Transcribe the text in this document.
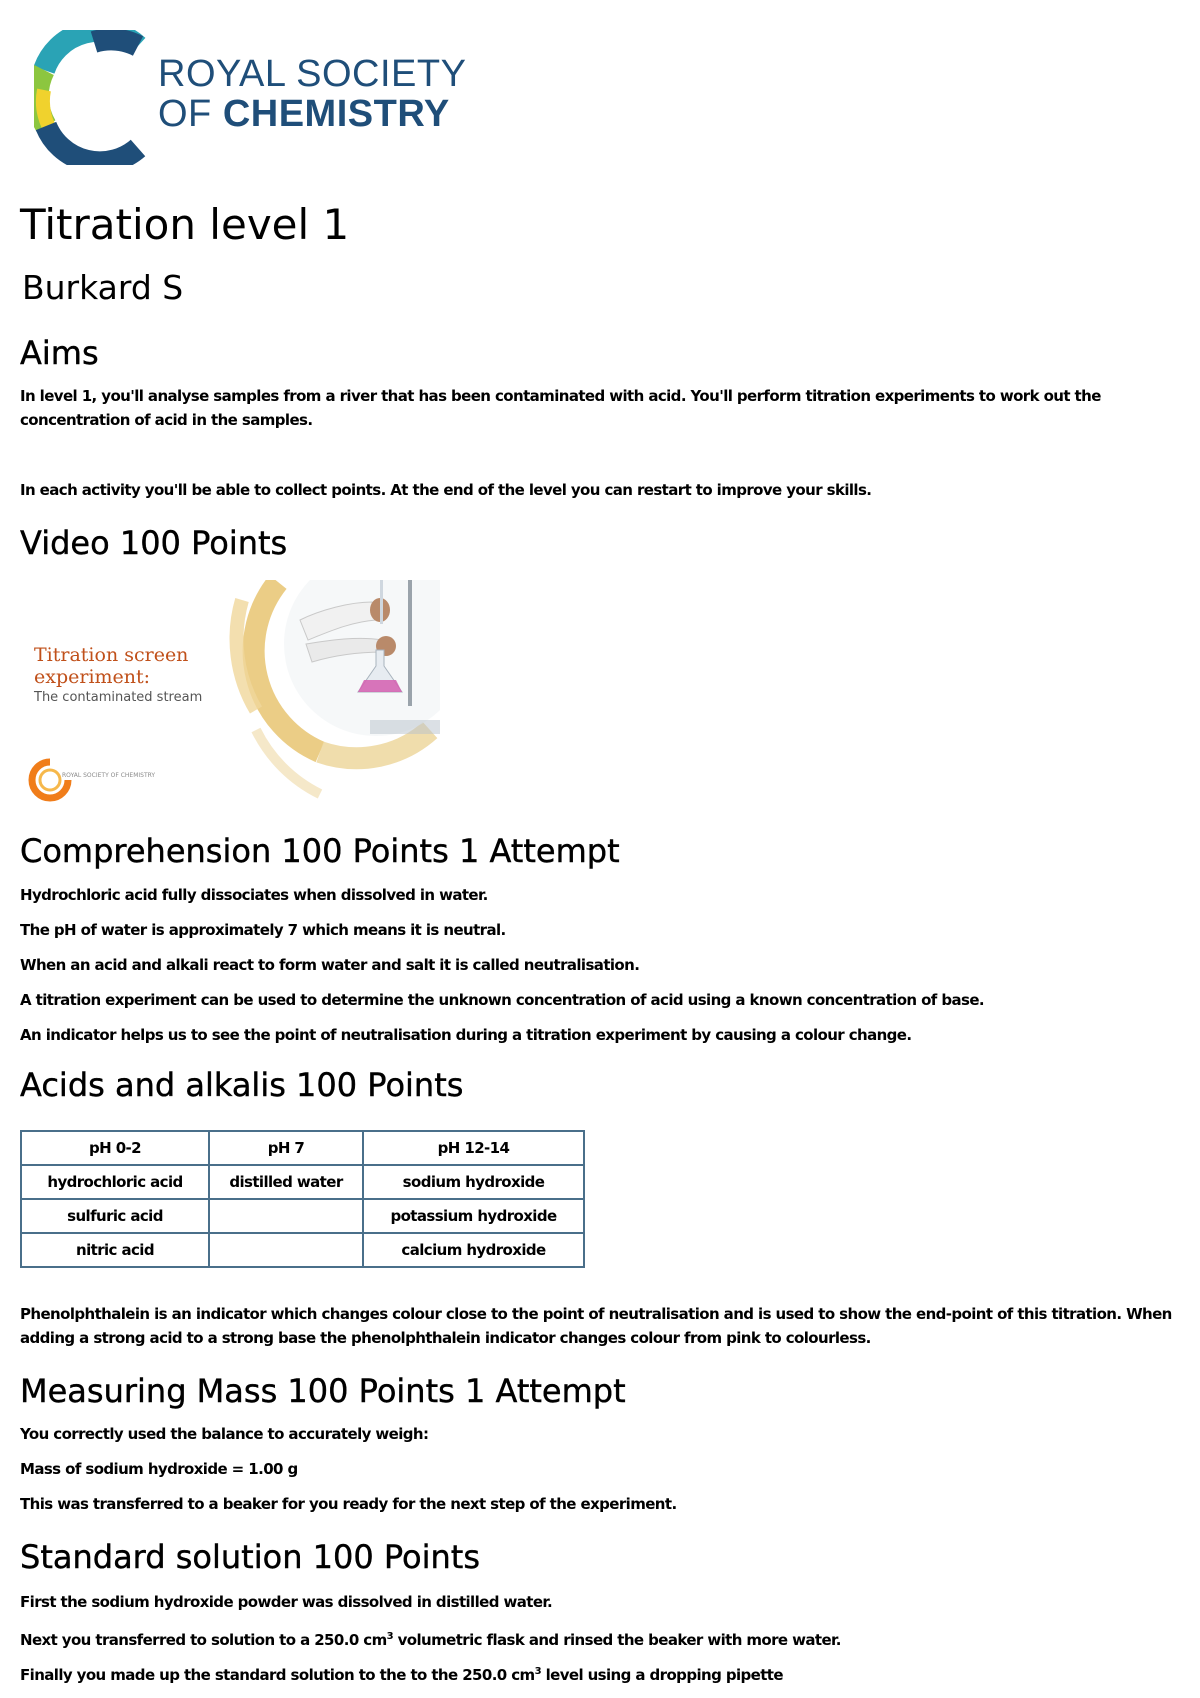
ROYAL SOCIETY
OF CHEMISTRY
Titration level 1
Burkard S
Aims

In level 1, you'll analyse samples from a river that has been contaminated with acid. You'll perform titration experiments to work out the concentration of acid in the samples.

In each activity you'll be able to collect points. At the end of the level you can restart to improve your skills.

Video 100 Points
Titration screen experiment:
The contaminated stream
ROYAL SOCIETY OF CHEMISTRY
Comprehension 100 Points 1 Attempt

Hydrochloric acid fully dissociates when dissolved in water.

The pH of water is approximately 7 which means it is neutral.

When an acid and alkali react to form water and salt it is called neutralisation.

A titration experiment can be used to determine the unknown concentration of acid using a known concentration of base.

An indicator helps us to see the point of neutralisation during a titration experiment by causing a colour change.

Acids and alkalis 100 Points
pH 0-2	pH 7	pH 12-14
hydrochloric acid	distilled water	sodium hydroxide
sulfuric acid		potassium hydroxide
nitric acid		calcium hydroxide

Phenolphthalein is an indicator which changes colour close to the point of neutralisation and is used to show the end-point of this titration. When adding a strong acid to a strong base the phenolphthalein indicator changes colour from pink to colourless.

Measuring Mass 100 Points 1 Attempt

You correctly used the balance to accurately weigh:

Mass of sodium hydroxide = 1.00 g

This was transferred to a beaker for you ready for the next step of the experiment.

Standard solution 100 Points

First the sodium hydroxide powder was dissolved in distilled water.

Next you transferred to solution to a 250.0 $cm^3$ volumetric flask and rinsed the beaker with more water.

Finally you made up the standard solution to the to the 250.0 $cm^3$ level using a dropping pipette
